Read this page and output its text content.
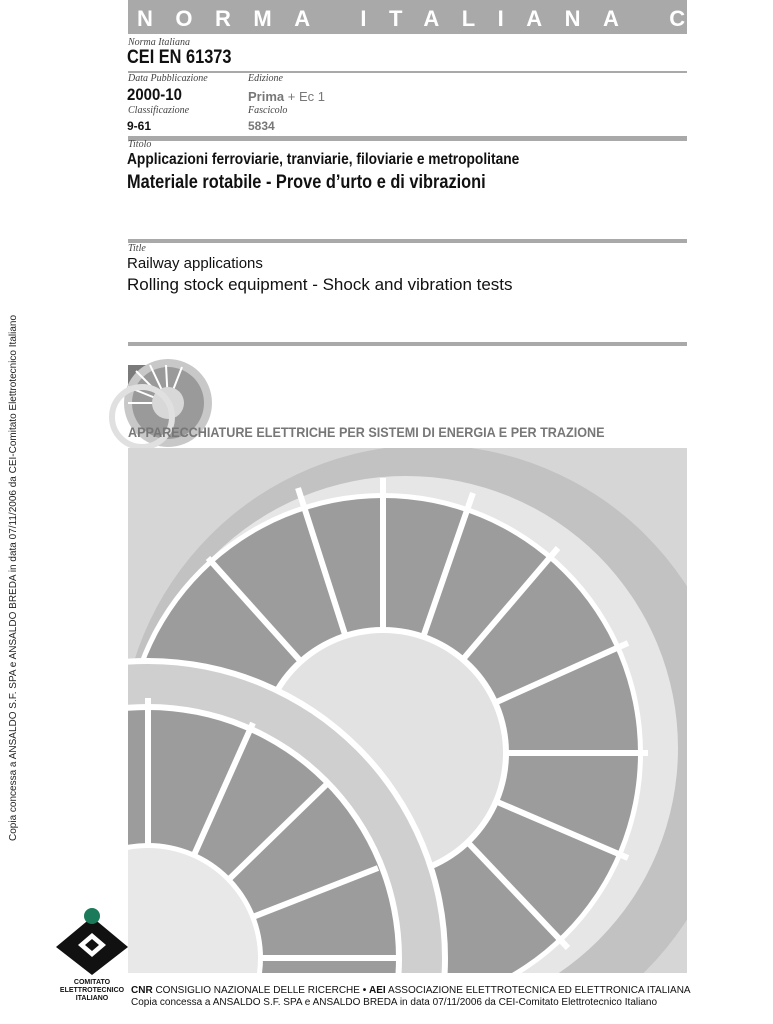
NORMA ITALIANA CEI
Norma Italiana
CEI EN 61373
Data Pubblicazione
2000-10
Edizione
Prima + Ec 1
Classificazione
9-61
Fascicolo
5834
Titolo
Applicazioni ferroviarie, tranviarie, filoviarie e metropolitane
Materiale rotabile - Prove d’urto e di vibrazioni
Title
Railway applications
Rolling stock equipment - Shock and vibration tests
APPARECCHIATURE ELETTRICHE PER SISTEMI DI ENERGIA E PER TRAZIONE
Copia concessa a ANSALDO S.F. SPA e ANSALDO BREDA in data 07/11/2006 da CEI-Comitato Elettrotecnico Italiano
COMITATO
ELETTROTECNICO
ITALIANO
CNR CONSIGLIO NAZIONALE DELLE RICERCHE • AEI ASSOCIAZIONE ELETTROTECNICA ED ELETTRONICA ITALIANA
Copia concessa a ANSALDO S.F. SPA e ANSALDO BREDA in data 07/11/2006 da CEI-Comitato Elettrotecnico Italiano
